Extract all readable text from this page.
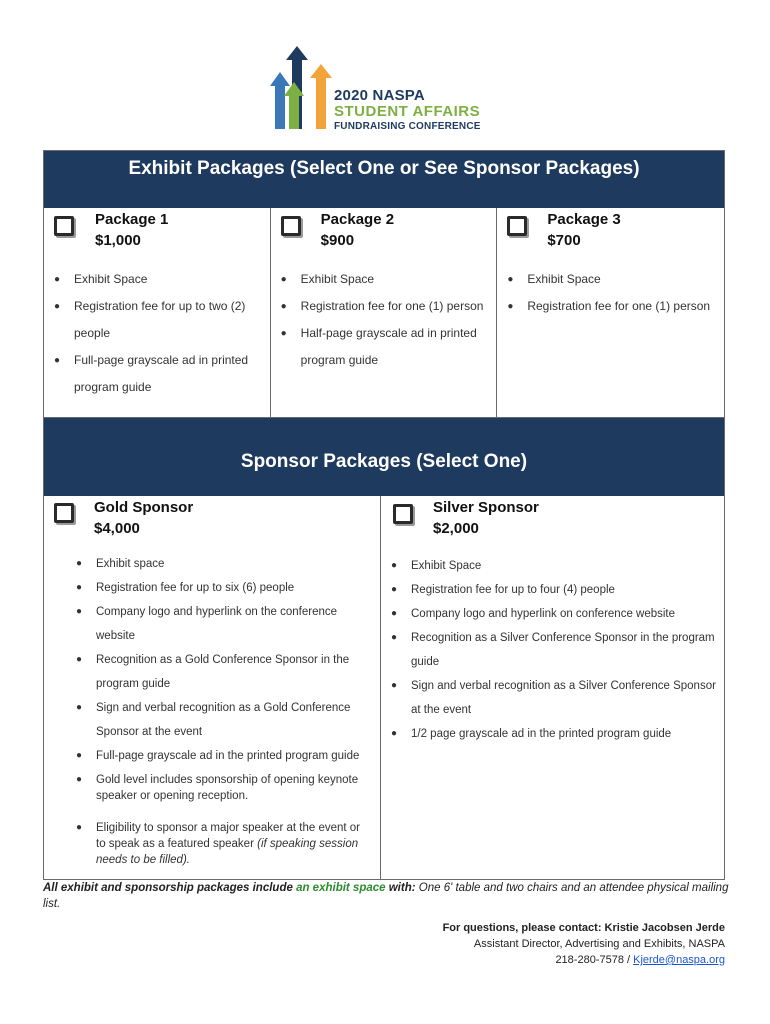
2020 NASPA
STUDENT AFFAIRS
FUNDRAISING CONFERENCE
Exhibit Packages (Select One or See Sponsor Packages)
Package 1
$1,000
● Exhibit Space
● Registration fee for up to two (2) people
● Full-page grayscale ad in printed program guide
Package 2
$900
● Exhibit Space
● Registration fee for one (1) person
● Half-page grayscale ad in printed program guide
Package 3
$700
● Exhibit Space
● Registration fee for one (1) person
Sponsor Packages (Select One)
Gold Sponsor
$4,000
● Exhibit space
● Registration fee for up to six (6) people
● Company logo and hyperlink on the conference website
● Recognition as a Gold Conference Sponsor in the program guide
● Sign and verbal recognition as a Gold Conference Sponsor at the event
● Full-page grayscale ad in the printed program guide
● Gold level includes sponsorship of opening keynote speaker or opening reception.
● Eligibility to sponsor a major speaker at the event or to speak as a featured speaker (if speaking session needs to be filled).
Silver Sponsor
$2,000
● Exhibit Space
● Registration fee for up to four (4) people
● Company logo and hyperlink on conference website
● Recognition as a Silver Conference Sponsor in the program guide
● Sign and verbal recognition as a Silver Conference Sponsor at the event
● 1/2 page grayscale ad in the printed program guide
All exhibit and sponsorship packages include an exhibit space with: One 6' table and two chairs and an attendee physical mailing list.
For questions, please contact: Kristie Jacobsen Jerde
Assistant Director, Advertising and Exhibits, NASPA
218-280-7578 / Kjerde@naspa.org
